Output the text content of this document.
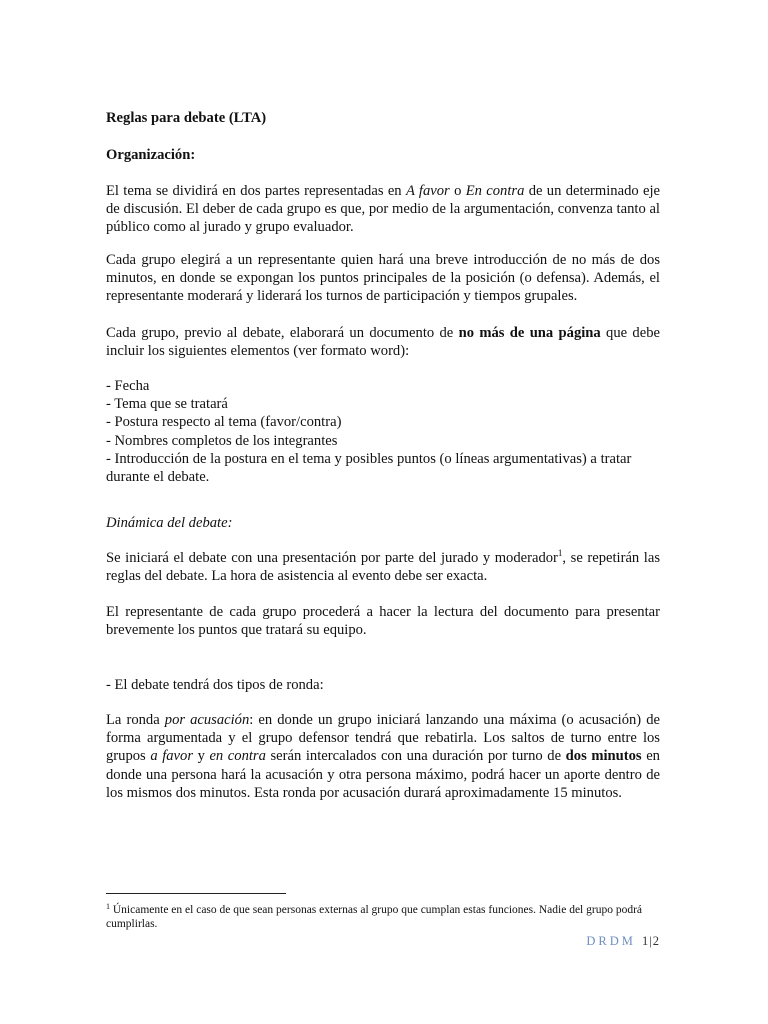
Reglas para debate (LTA)
Organización:
El tema se dividirá en dos partes representadas en A favor o En contra de un determinado eje de discusión. El deber de cada grupo es que, por medio de la argumentación, convenza tanto al público como al jurado y grupo evaluador.
Cada grupo elegirá a un representante quien hará una breve introducción de no más de dos minutos, en donde se expongan los puntos principales de la posición (o defensa). Además, el representante moderará y liderará los turnos de participación y tiempos grupales.
Cada grupo, previo al debate, elaborará un documento de no más de una página que debe incluir los siguientes elementos (ver formato word):
- Fecha
- Tema que se tratará
- Postura respecto al tema (favor/contra)
- Nombres completos de los integrantes
- Introducción de la postura en el tema y posibles puntos (o líneas argumentativas) a tratar durante el debate.
Dinámica del debate:
Se iniciará el debate con una presentación por parte del jurado y moderador$^1$, se repetirán las reglas del debate. La hora de asistencia al evento debe ser exacta.
El representante de cada grupo procederá a hacer la lectura del documento para presentar brevemente los puntos que tratará su equipo.
- El debate tendrá dos tipos de ronda:
La ronda por acusación: en donde un grupo iniciará lanzando una máxima (o acusación) de forma argumentada y el grupo defensor tendrá que rebatirla. Los saltos de turno entre los grupos a favor y en contra serán intercalados con una duración por turno de dos minutos en donde una persona hará la acusación y otra persona máximo, podrá hacer un aporte dentro de los mismos dos minutos. Esta ronda por acusación durará aproximadamente 15 minutos.
$^1$ Únicamente en el caso de que sean personas externas al grupo que cumplan estas funciones. Nadie del grupo podrá cumplirlas.
DRDM 1|2
